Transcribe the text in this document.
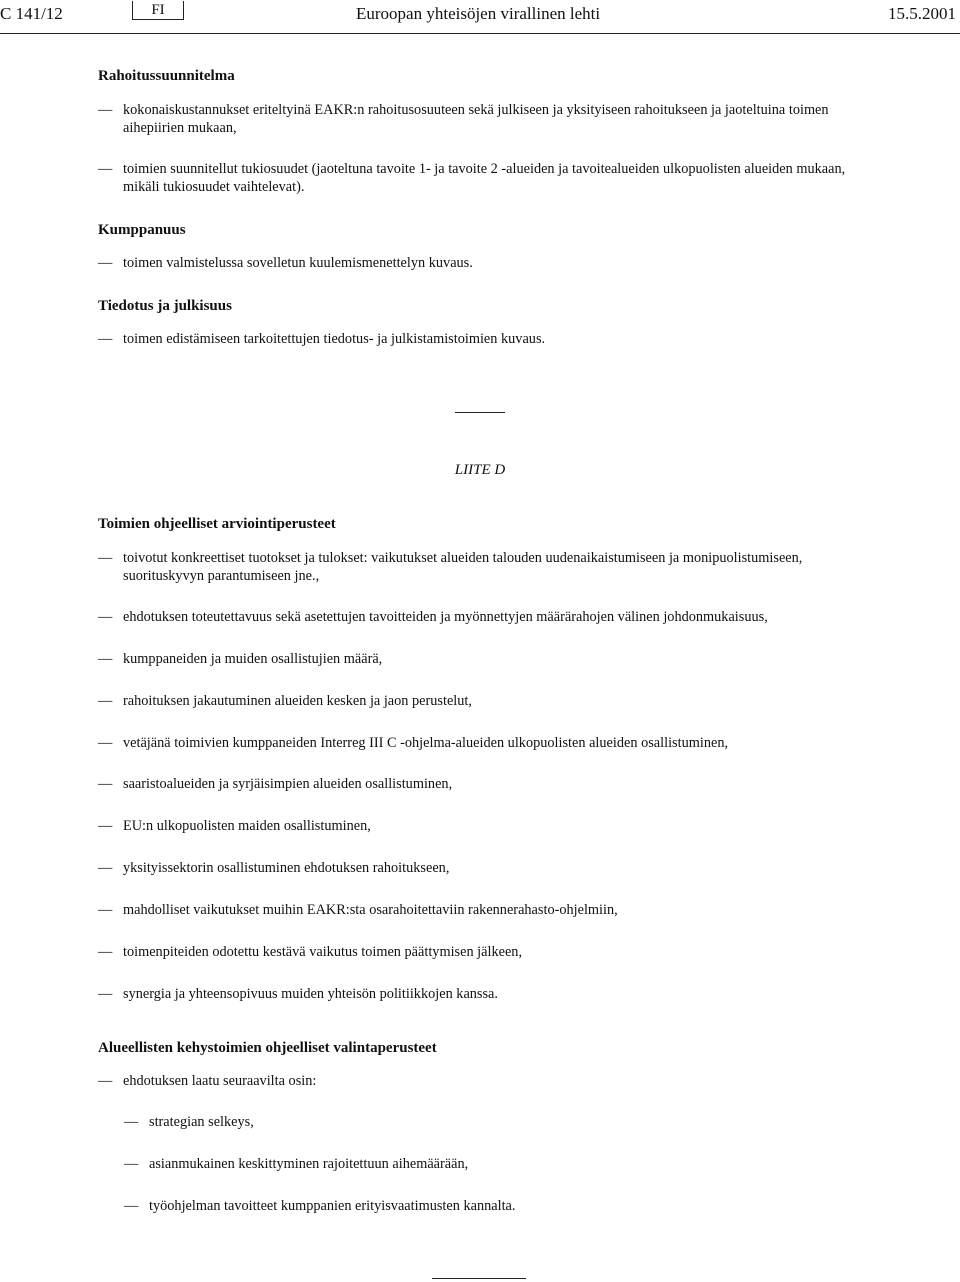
C 141/12	FI	Euroopan yhteisöjen virallinen lehti	15.5.2001
Rahoitussuunnitelma
— kokonaiskustannukset eriteltyinä EAKR:n rahoitusosuuteen sekä julkiseen ja yksityiseen rahoitukseen ja jaoteltuina toimen aihepiirien mukaan,
— toimien suunnitellut tukiosuudet (jaoteltuna tavoite 1- ja tavoite 2 -alueiden ja tavoitealueiden ulkopuolisten alueiden mukaan, mikäli tukiosuudet vaihtelevat).
Kumppanuus
— toimen valmistelussa sovelletun kuulemismenettelyn kuvaus.
Tiedotus ja julkisuus
— toimen edistämiseen tarkoitettujen tiedotus- ja julkistamistoimien kuvaus.
LIITE D
Toimien ohjeelliset arviointiperusteet
— toivotut konkreettiset tuotokset ja tulokset: vaikutukset alueiden talouden uudenaikaistumiseen ja monipuolistumiseen, suorituskyvyn parantumiseen jne.,
— ehdotuksen toteutettavuus sekä asetettujen tavoitteiden ja myönnettyjen määrärahojen välinen johdonmukaisuus,
— kumppaneiden ja muiden osallistujien määrä,
— rahoituksen jakautuminen alueiden kesken ja jaon perustelut,
— vetäjänä toimivien kumppaneiden Interreg III C -ohjelma-alueiden ulkopuolisten alueiden osallistuminen,
— saaristoalueiden ja syrjäisimpien alueiden osallistuminen,
— EU:n ulkopuolisten maiden osallistuminen,
— yksityissektorin osallistuminen ehdotuksen rahoitukseen,
— mahdolliset vaikutukset muihin EAKR:sta osarahoitettaviin rakennerahasto-ohjelmiin,
— toimenpiteiden odotettu kestävä vaikutus toimen päättymisen jälkeen,
— synergia ja yhteensopivuus muiden yhteisön politiikkojen kanssa.
Alueellisten kehystoimien ohjeelliset valintaperusteet
— ehdotuksen laatu seuraavilta osin:
— strategian selkeys,
— asianmukainen keskittyminen rajoitettuun aihemäärään,
— työohjelman tavoitteet kumppanien erityisvaatimusten kannalta.
